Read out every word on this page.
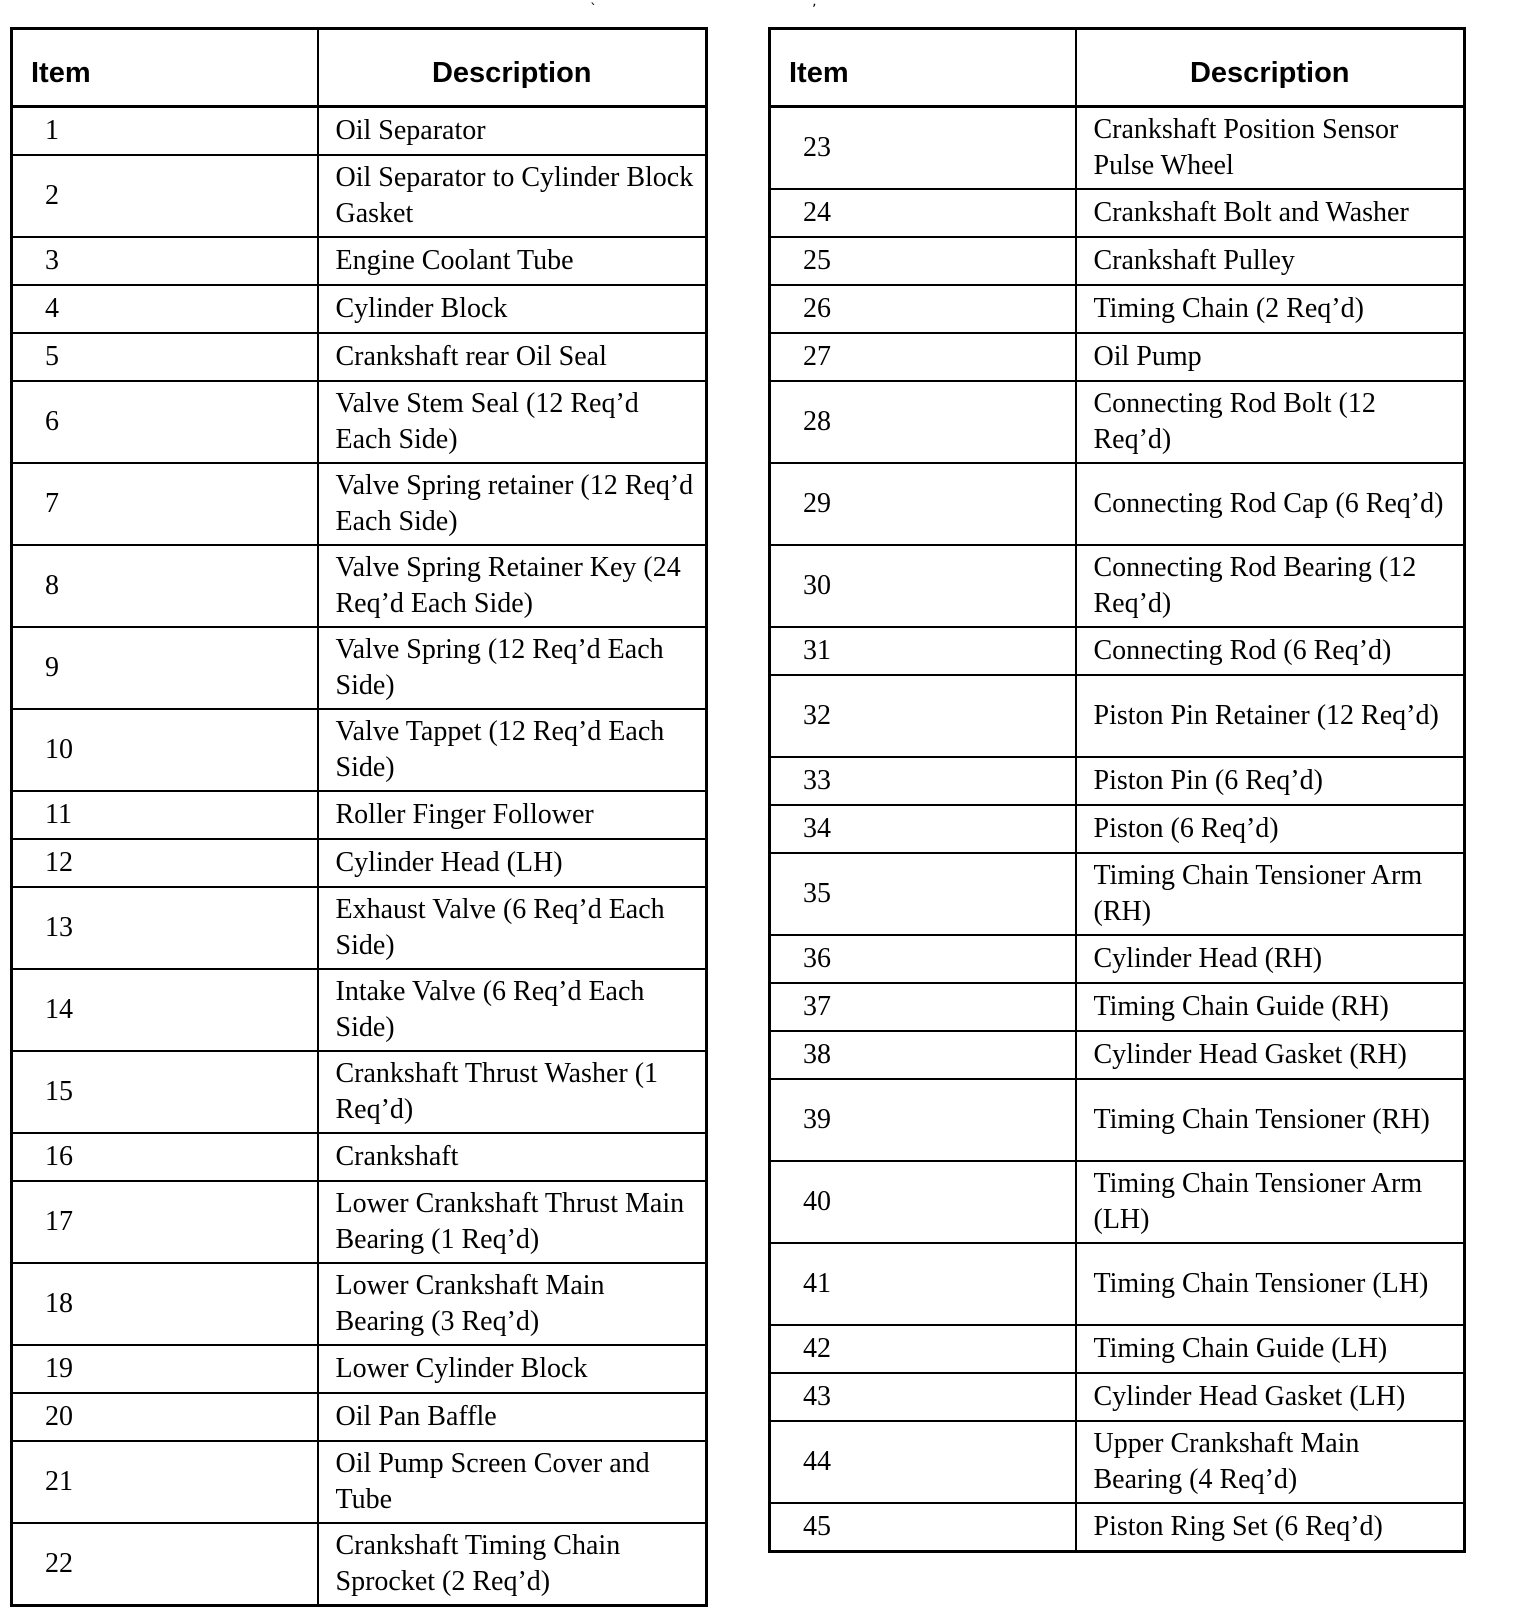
`	ʼ
Item	Description
1	Oil Separator
2	Oil Separator to Cylinder Block Gasket
3	Engine Coolant Tube
4	Cylinder Block
5	Crankshaft rear Oil Seal
6	Valve Stem Seal (12 Req’d Each Side)
7	Valve Spring retainer (12 Req’d Each Side)
8	Valve Spring Retainer Key (24 Req’d Each Side)
9	Valve Spring (12 Req’d Each Side)
10	Valve Tappet (12 Req’d Each Side)
11	Roller Finger Follower
12	Cylinder Head (LH)
13	Exhaust Valve (6 Req’d Each Side)
14	Intake Valve (6 Req’d Each Side)
15	Crankshaft Thrust Washer (1 Req’d)
16	Crankshaft
17	Lower Crankshaft Thrust Main Bearing (1 Req’d)
18	Lower Crankshaft Main Bearing (3 Req’d)
19	Lower Cylinder Block
20	Oil Pan Baffle
21	Oil Pump Screen Cover and Tube
22	Crankshaft Timing Chain Sprocket (2 Req’d)
Item	Description
23	Crankshaft Position Sensor Pulse Wheel
24	Crankshaft Bolt and Washer
25	Crankshaft Pulley
26	Timing Chain (2 Req’d)
27	Oil Pump
28	Connecting Rod Bolt (12 Req’d)
29	Connecting Rod Cap (6 Req’d)
30	Connecting Rod Bearing (12 Req’d)
31	Connecting Rod (6 Req’d)
32	Piston Pin Retainer (12 Req’d)
33	Piston Pin (6 Req’d)
34	Piston (6 Req’d)
35	Timing Chain Tensioner Arm (RH)
36	Cylinder Head (RH)
37	Timing Chain Guide (RH)
38	Cylinder Head Gasket (RH)
39	Timing Chain Tensioner (RH)
40	Timing Chain Tensioner Arm (LH)
41	Timing Chain Tensioner (LH)
42	Timing Chain Guide (LH)
43	Cylinder Head Gasket (LH)
44	Upper Crankshaft Main Bearing (4 Req’d)
45	Piston Ring Set (6 Req’d)
